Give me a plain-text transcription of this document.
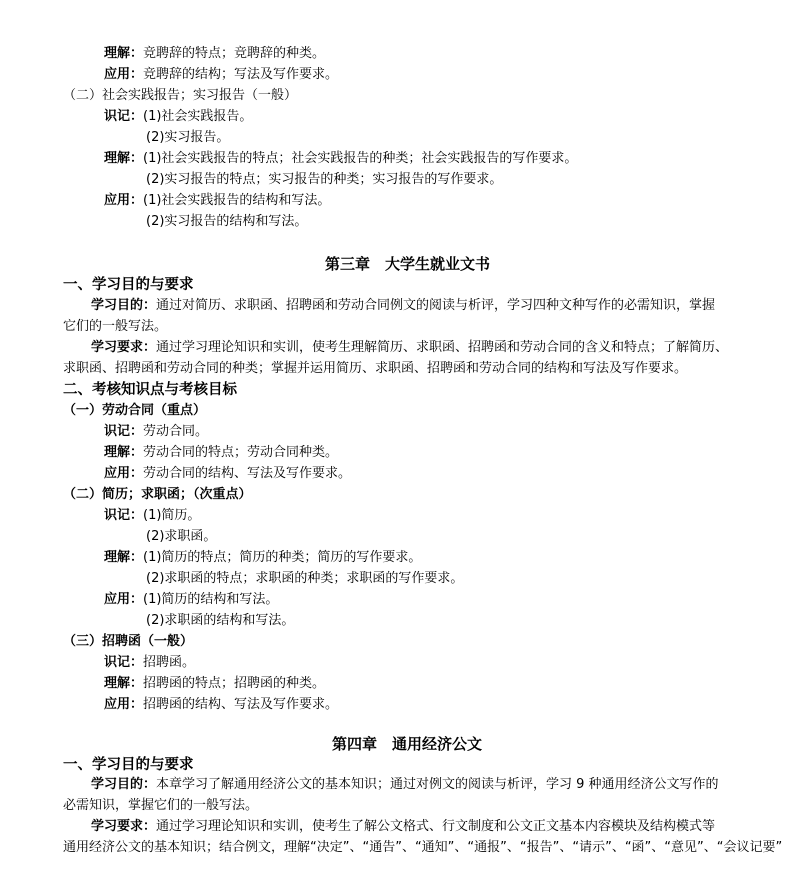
理解：竞聘辞的特点；竞聘辞的种类。
应用：竞聘辞的结构；写法及写作要求。
（二）社会实践报告；实习报告（一般）
识记：(1)社会实践报告。
(2)实习报告。
理解：(1)社会实践报告的特点；社会实践报告的种类；社会实践报告的写作要求。
(2)实习报告的特点；实习报告的种类；实习报告的写作要求。
应用：(1)社会实践报告的结构和写法。
(2)实习报告的结构和写法。
第三章　大学生就业文书
一、学习目的与要求
学习目的：通过对简历、求职函、招聘函和劳动合同例文的阅读与析评，学习四种文种写作的必需知识，掌握
它们的一般写法。
学习要求：通过学习理论知识和实训，使考生理解简历、求职函、招聘函和劳动合同的含义和特点；了解简历、
求职函、招聘函和劳动合同的种类；掌握并运用简历、求职函、招聘函和劳动合同的结构和写法及写作要求。
二、考核知识点与考核目标
（一）劳动合同（重点）
识记：劳动合同。
理解：劳动合同的特点；劳动合同种类。
应用：劳动合同的结构、写法及写作要求。
（二）简历；求职函；（次重点）
识记：(1)简历。
(2)求职函。
理解：(1)简历的特点；简历的种类；简历的写作要求。
(2)求职函的特点；求职函的种类；求职函的写作要求。
应用：(1)简历的结构和写法。
(2)求职函的结构和写法。
（三）招聘函（一般）
识记：招聘函。
理解：招聘函的特点；招聘函的种类。
应用：招聘函的结构、写法及写作要求。
第四章　通用经济公文
一、学习目的与要求
学习目的：本章学习了解通用经济公文的基本知识；通过对例文的阅读与析评，学习 9 种通用经济公文写作的
必需知识，掌握它们的一般写法。
学习要求：通过学习理论知识和实训，使考生了解公文格式、行文制度和公文正文基本内容模块及结构模式等
通用经济公文的基本知识；结合例文，理解“决定”、“通告”、“通知”、“通报”、“报告”、“请示”、“函”、“意见”、“会议记要”
